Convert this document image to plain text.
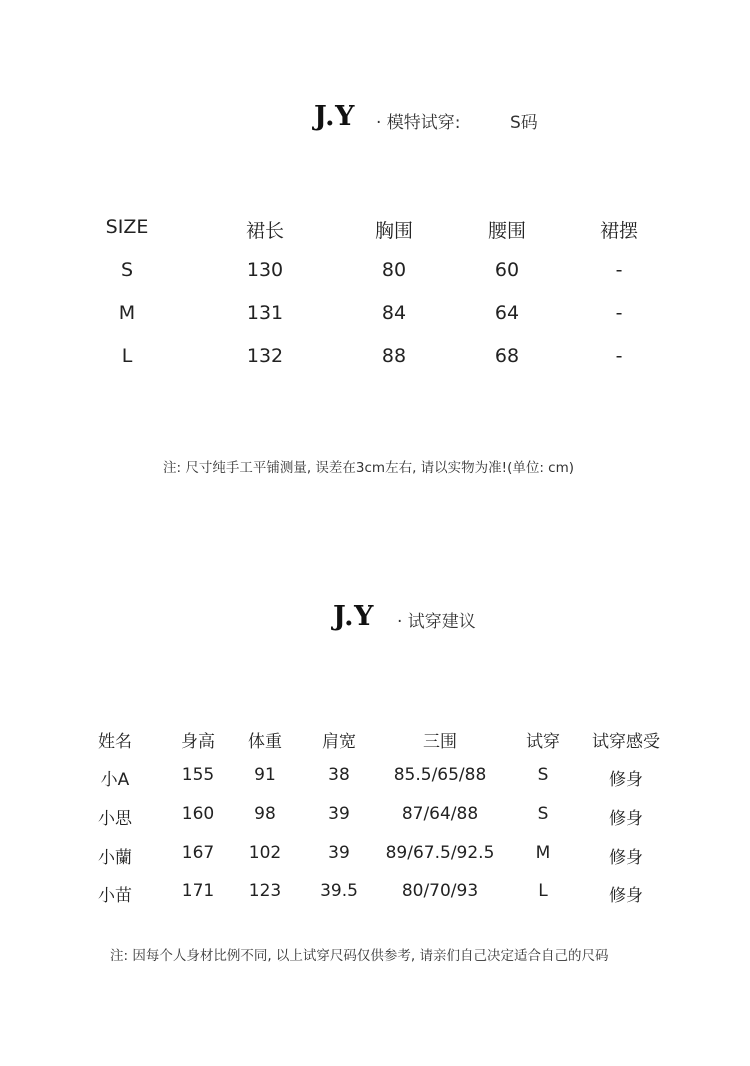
J.Y · 模特试穿:	S码
SIZE	裙长	胸围	腰围	裙摆
S	130	80	60	-
M	131	84	64	-
L	132	88	68	-
注: 尺寸纯手工平铺测量, 误差在3cm左右, 请以实物为准!(单位: cm)
J.Y · 试穿建议
姓名	身高 体重 肩宽	三围	试穿 试穿感受
小A	155 91	38	85.5/65/88	S	修身
小思	160 98	39	87/64/88	S	修身
小蘭	167 102	39 89/67.5/92.5 M	修身
小苗	171 123 39.5	80/70/93	L	修身
注: 因每个人身材比例不同, 以上试穿尺码仅供参考, 请亲们自己决定适合自己的尺码
